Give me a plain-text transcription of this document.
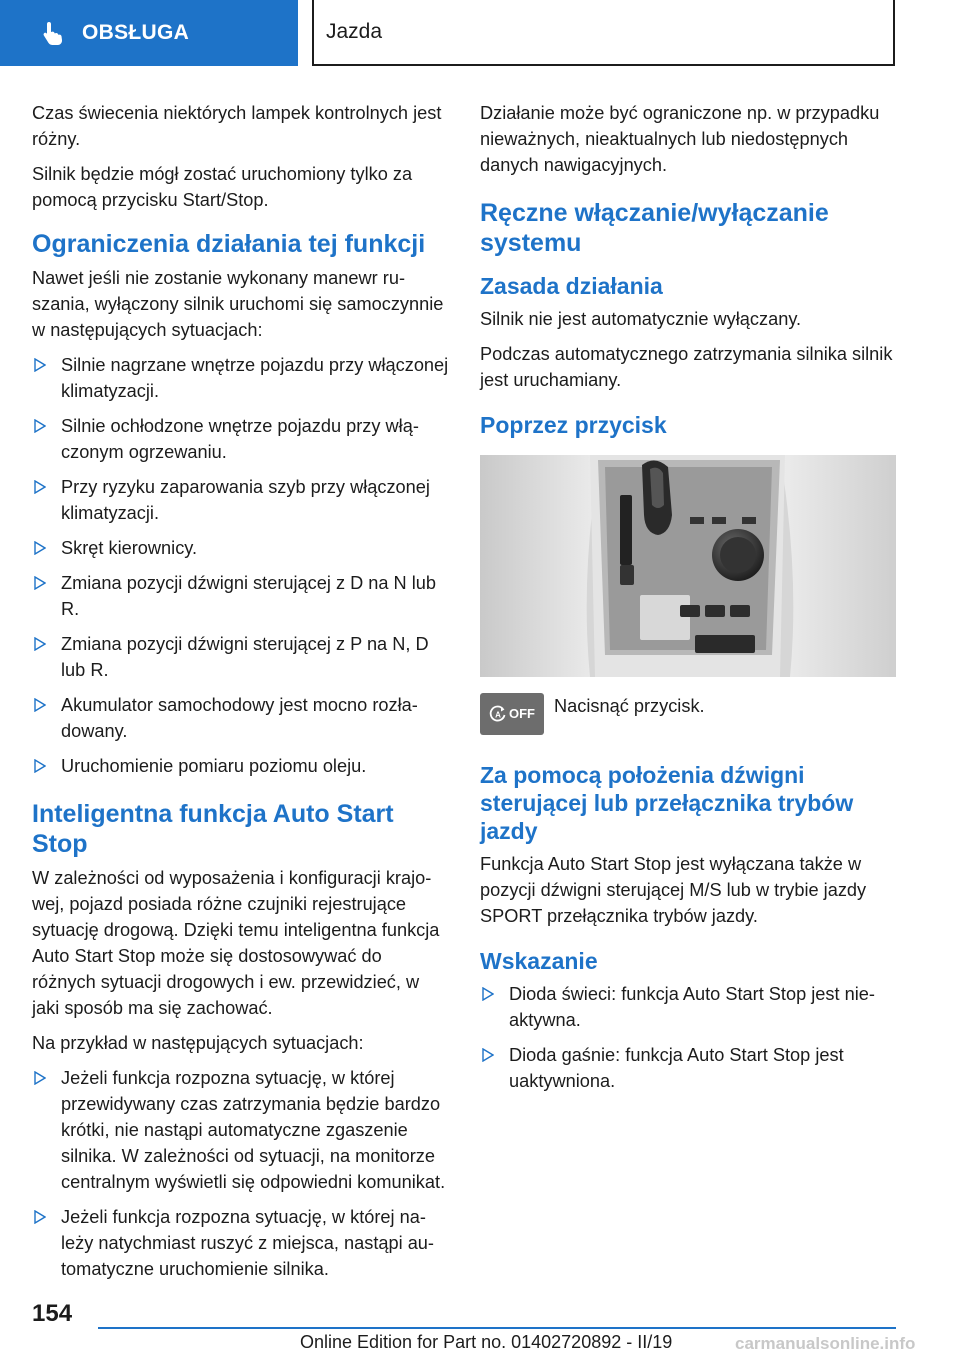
OBSŁUGA	Jazda

Czas świecenia niektórych lampek kontrolnych jest różny.

Silnik będzie mógł zostać uruchomiony tylko za pomocą przycisku Start/Stop.

Ograniczenia działania tej funkcji

Nawet jeśli nie zostanie wykonany manewr ruszania, wyłączony silnik uruchomi się samoczynnie w następujących sytuacjach:

Silnie nagrzane wnętrze pojazdu przy włączonej klimatyzacji.
Silnie ochłodzone wnętrze pojazdu przy włączonym ogrzewaniu.
Przy ryzyku zaparowania szyb przy włączonej klimatyzacji.
Skręt kierownicy.
Zmiana pozycji dźwigni sterującej z D na N lub R.
Zmiana pozycji dźwigni sterującej z P na N, D lub R.
Akumulator samochodowy jest mocno rozładowany.
Uruchomienie pomiaru poziomu oleju.
Inteligentna funkcja Auto Start Stop

W zależności od wyposażenia i konfiguracji krajowej, pojazd posiada różne czujniki rejestrujące sytuację drogową. Dzięki temu inteligentna funkcja Auto Start Stop może się dostosowywać do różnych sytuacji drogowych i ew. przewidzieć, w jaki sposób ma się zachować.

Na przykład w następujących sytuacjach:

Jeżeli funkcja rozpozna sytuację, w której przewidywany czas zatrzymania będzie bardzo krótki, nie nastąpi automatyczne zgaszenie silnika. W zależności od sytuacji, na monitorze centralnym wyświetli się odpowiedni komunikat.
Jeżeli funkcja rozpozna sytuację, w której należy natychmiast ruszyć z miejsca, nastąpi automatyczne uruchomienie silnika.

Działanie może być ograniczone np. w przypadku nieważnych, nieaktualnych lub niedostępnych danych nawigacyjnych.

Ręczne włączanie/wyłączanie systemu
Zasada działania

Silnik nie jest automatycznie wyłączany.

Podczas automatycznego zatrzymania silnika silnik jest uruchamiany.

Poprzez przycisk
A OFF Nacisnąć przycisk.

Za pomocą położenia dźwigni sterującej lub przełącznika trybów jazdy

Funkcja Auto Start Stop jest wyłączana także w pozycji dźwigni sterującej M/S lub w trybie jazdy SPORT przełącznika trybów jazdy.

Wskazanie
Dioda świeci: funkcja Auto Start Stop jest nieaktywna.
Dioda gaśnie: funkcja Auto Start Stop jest uaktywniona.
154
Online Edition for Part no. 01402720892 - II/19	carmanualsonline.info
